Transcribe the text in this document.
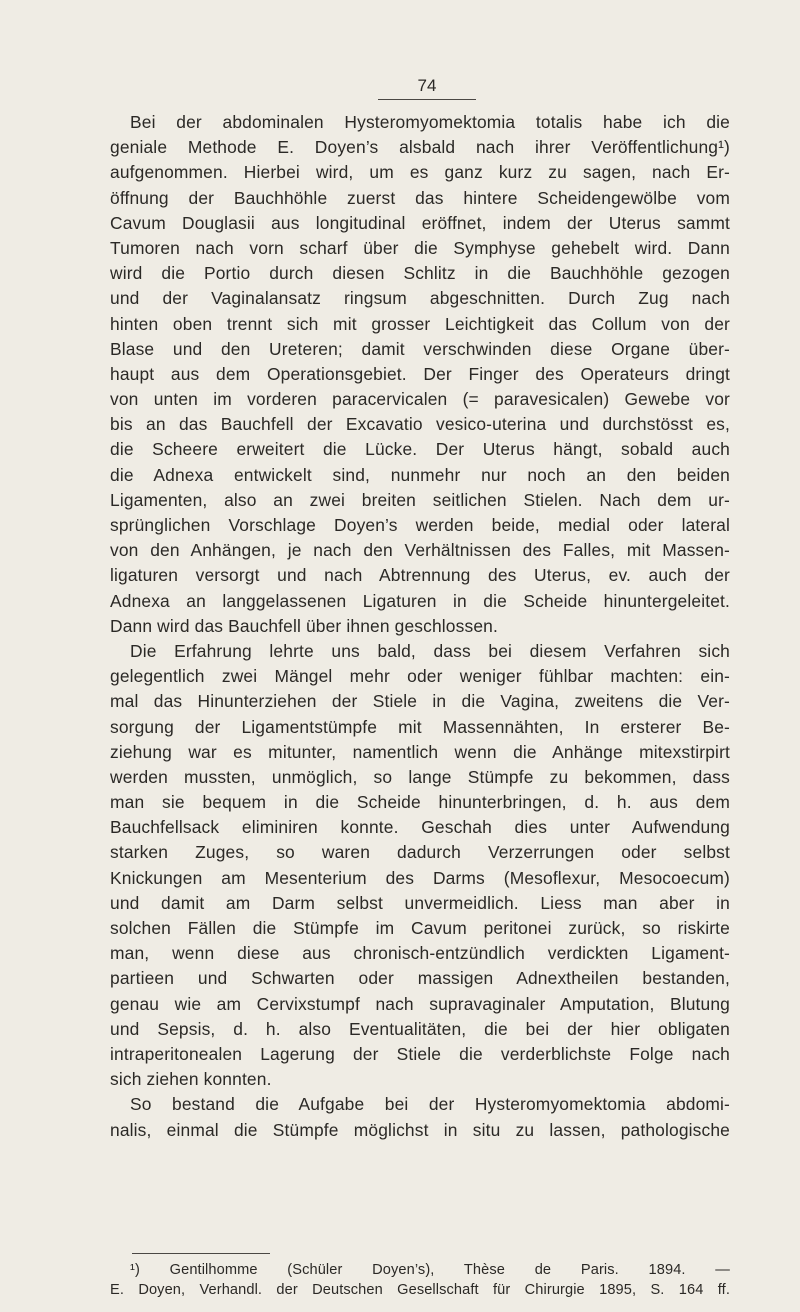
74
Bei der abdominalen Hysteromyomektomia totalis habe ich die
geniale Methode E. Doyen’s alsbald nach ihrer Veröffentlichung¹)
aufgenommen. Hierbei wird, um es ganz kurz zu sagen, nach Er-
öffnung der Bauchhöhle zuerst das hintere Scheidengewölbe vom
Cavum Douglasii aus longitudinal eröffnet, indem der Uterus sammt
Tumoren nach vorn scharf über die Symphyse gehebelt wird. Dann
wird die Portio durch diesen Schlitz in die Bauchhöhle gezogen
und der Vaginalansatz ringsum abgeschnitten. Durch Zug nach
hinten oben trennt sich mit grosser Leichtigkeit das Collum von der
Blase und den Ureteren; damit verschwinden diese Organe über-
haupt aus dem Operationsgebiet. Der Finger des Operateurs dringt
von unten im vorderen paracervicalen (= paravesicalen) Gewebe vor
bis an das Bauchfell der Excavatio vesico-uterina und durchstösst es,
die Scheere erweitert die Lücke. Der Uterus hängt, sobald auch
die Adnexa entwickelt sind, nunmehr nur noch an den beiden
Ligamenten, also an zwei breiten seitlichen Stielen. Nach dem ur-
sprünglichen Vorschlage Doyen’s werden beide, medial oder lateral
von den Anhängen, je nach den Verhältnissen des Falles, mit Massen-
ligaturen versorgt und nach Abtrennung des Uterus, ev. auch der
Adnexa an langgelassenen Ligaturen in die Scheide hinuntergeleitet.
Dann wird das Bauchfell über ihnen geschlossen.
Die Erfahrung lehrte uns bald, dass bei diesem Verfahren sich
gelegentlich zwei Mängel mehr oder weniger fühlbar machten: ein-
mal das Hinunterziehen der Stiele in die Vagina, zweitens die Ver-
sorgung der Ligamentstümpfe mit Massennähten, In ersterer Be-
ziehung war es mitunter, namentlich wenn die Anhänge mitexstirpirt
werden mussten, unmöglich, so lange Stümpfe zu bekommen, dass
man sie bequem in die Scheide hinunterbringen, d. h. aus dem
Bauchfellsack eliminiren konnte. Geschah dies unter Aufwendung
starken Zuges, so waren dadurch Verzerrungen oder selbst
Knickungen am Mesenterium des Darms (Mesoflexur, Mesocoecum)
und damit am Darm selbst unvermeidlich. Liess man aber in
solchen Fällen die Stümpfe im Cavum peritonei zurück, so riskirte
man, wenn diese aus chronisch-entzündlich verdickten Ligament-
partieen und Schwarten oder massigen Adnextheilen bestanden,
genau wie am Cervixstumpf nach supravaginaler Amputation, Blutung
und Sepsis, d. h. also Eventualitäten, die bei der hier obligaten
intraperitonealen Lagerung der Stiele die verderblichste Folge nach
sich ziehen konnten.
So bestand die Aufgabe bei der Hysteromyomektomia abdomi-
nalis, einmal die Stümpfe möglichst in situ zu lassen, pathologische
¹) Gentilhomme (Schüler Doyen’s), Thèse de Paris. 1894. —
E. Doyen, Verhandl. der Deutschen Gesellschaft für Chirurgie 1895, S. 164 ff.
